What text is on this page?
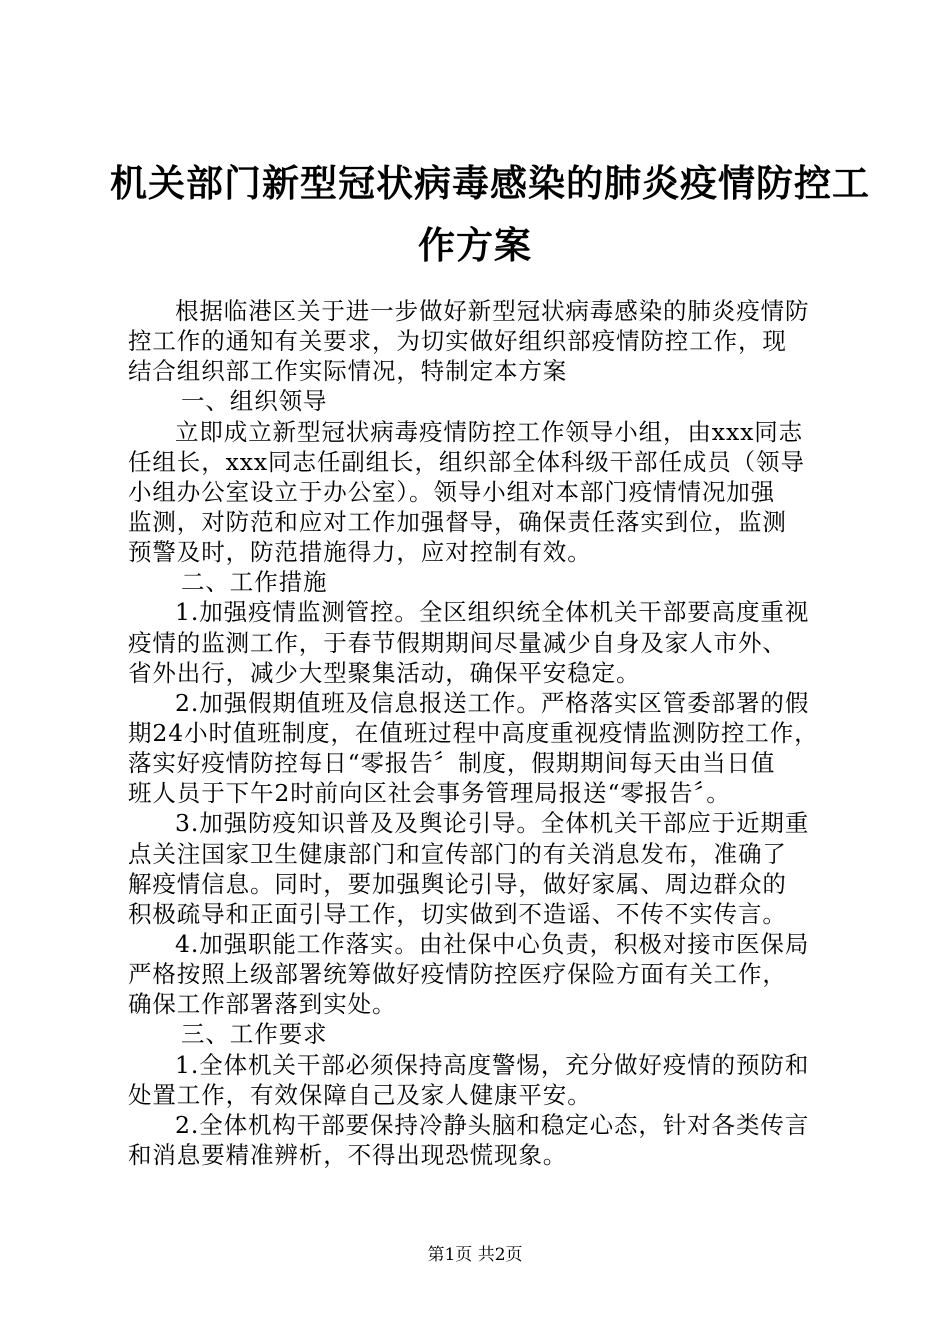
机关部门新型冠状病毒感染的肺炎疫情防控工
作方案
根据临港区关于进一步做好新型冠状病毒感染的肺炎疫情防
控工作的通知有关要求，为切实做好组织部疫情防控工作，现
结合组织部工作实际情况，特制定本方案
一、组织领导
立即成立新型冠状病毒疫情防控工作领导小组，由xxx同志
任组长，xxx同志任副组长，组织部全体科级干部任成员（领导
小组办公室设立于办公室）。领导小组对本部门疫情情况加强
监测，对防范和应对工作加强督导，确保责任落实到位，监测
预警及时，防范措施得力，应对控制有效。
二、工作措施
1.加强疫情监测管控。全区组织统全体机关干部要高度重视
疫情的监测工作，于春节假期期间尽量减少自身及家人市外、
省外出行，减少大型聚集活动，确保平安稳定。
2.加强假期值班及信息报送工作。严格落实区管委部署的假
期24小时值班制度，在值班过程中高度重视疫情监测防控工作，
落实好疫情防控每日“零报告〞制度，假期期间每天由当日值
班人员于下午2时前向区社会事务管理局报送“零报告〞。
3.加强防疫知识普及及舆论引导。全体机关干部应于近期重
点关注国家卫生健康部门和宣传部门的有关消息发布，准确了
解疫情信息。同时，要加强舆论引导，做好家属、周边群众的
积极疏导和正面引导工作，切实做到不造谣、不传不实传言。
4.加强职能工作落实。由社保中心负责，积极对接市医保局
严格按照上级部署统筹做好疫情防控医疗保险方面有关工作，
确保工作部署落到实处。
三、工作要求
1.全体机关干部必须保持高度警惕，充分做好疫情的预防和
处置工作，有效保障自己及家人健康平安。
2.全体机构干部要保持冷静头脑和稳定心态，针对各类传言
和消息要精准辨析，不得出现恐慌现象。
第1页 共2页
